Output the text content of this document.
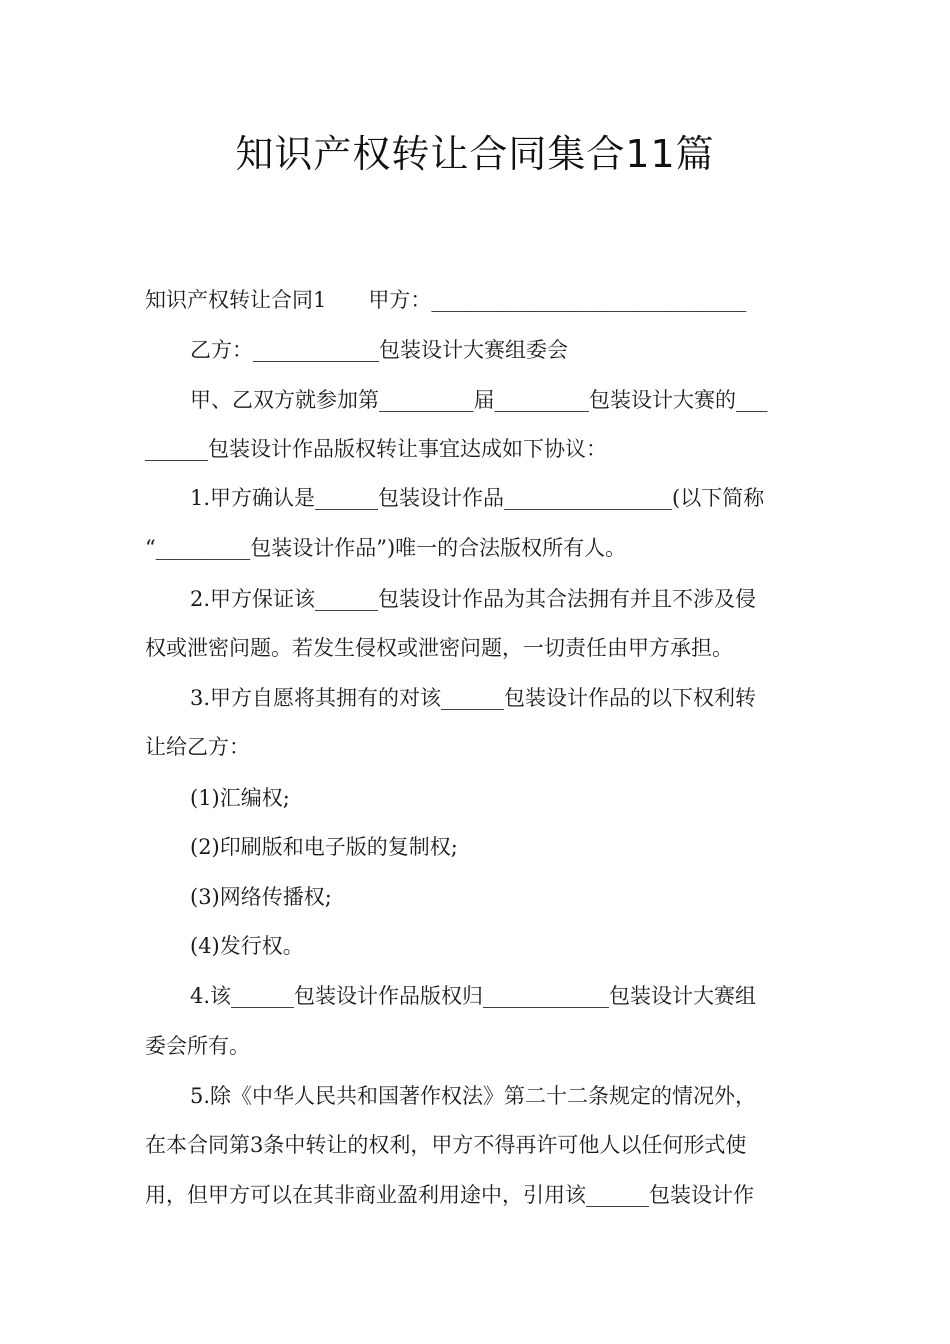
知识产权转让合同集合11篇

知识产权转让合同1　　甲方：______________________________

乙方：____________包装设计大赛组委会

甲、乙双方就参加第_________届_________包装设计大赛的___

______包装设计作品版权转让事宜达成如下协议：

1.甲方确认是______包装设计作品________________(以下简称

“_________包装设计作品”)唯一的合法版权所有人。

2.甲方保证该______包装设计作品为其合法拥有并且不涉及侵

权或泄密问题。若发生侵权或泄密问题，一切责任由甲方承担。

3.甲方自愿将其拥有的对该______包装设计作品的以下权利转

让给乙方：

(1)汇编权;

(2)印刷版和电子版的复制权;

(3)网络传播权;

(4)发行权。

4.该______包装设计作品版权归____________包装设计大赛组

委会所有。

5.除《中华人民共和国著作权法》第二十二条规定的情况外，

在本合同第3条中转让的权利，甲方不得再许可他人以任何形式使

用，但甲方可以在其非商业盈利用途中，引用该______包装设计作
